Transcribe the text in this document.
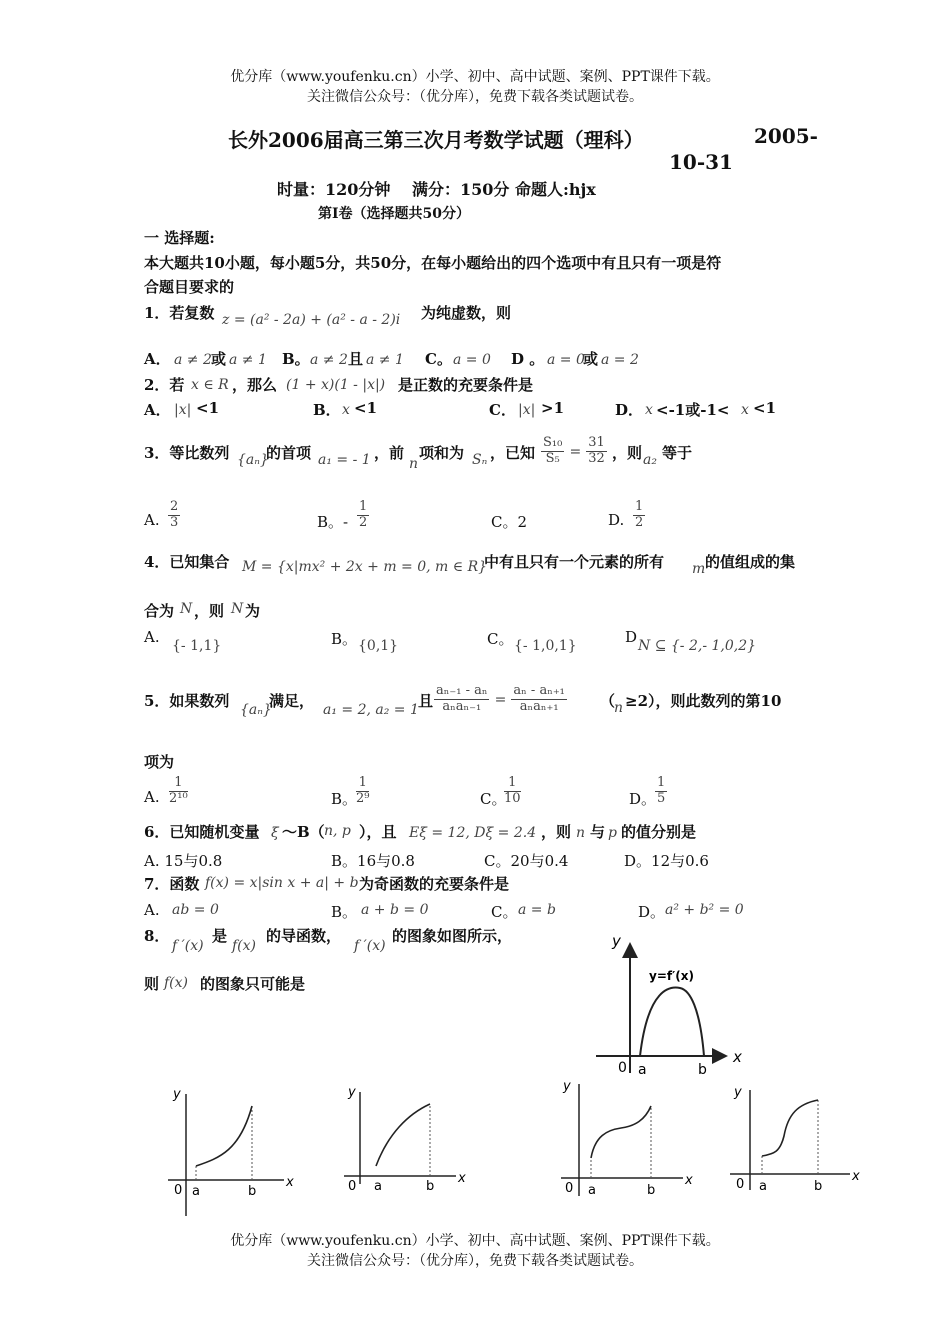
优分库（www.youfenku.cn）小学、初中、高中试题、案例、PPT课件下载。
关注微信公众号：（优分库），免费下载各类试题试卷。
长外2006届高三第三次月考数学试题（理科）	2005-
10-31
时量：120分钟　 满分：150分 命题人:hjx
第Ⅰ卷（选择题共50分）
一 选择题:
本大题共10小题，每小题5分，共50分，在每小题给出的四个选项中有且只有一项是符
合题目要求的
1．若复数 z = (a² - 2a) + (a² - a - 2)i 为纯虚数，则
A． a ≠ 2 或 a ≠ 1 B。 a ≠ 2 且 a ≠ 1 C。 a = 0 D 。 a = 0
或 a = 2
2．若 x ∈ R ，那么 (1 + x)(1 - |x|) 是正数的充要条件是
A． |x| <1	B． x <1	C． |x| >1	D． x <-1或-1< x <1
3．等比数列 {aₙ}
的首项 a₁ = - 1 ，前
n
项和为 Sₙ ，已知 $\frac{\text{S₁₀}}{\text{S₅}} = \frac{31}{32}$ ，则 a₂ 等于
A. $\frac{2}{3}$	B。- $\frac{1}{2}$	C。2	D. $\frac{1}{2}$
4．已知集合 M = {x|mx² + 2x + m = 0, m ∈ R}
中有且只有一个元素的所有 m 的值组成的集
合为 N ，则 N 为
A. {- 1,1}	B。 {0,1}	C。 {- 1,0,1}	D N ⊆ {- 2,- 1,0,2}
5．如果数列 {aₙ}
满足， a₁ = 2, a₂ = 1 且 $\frac{\text{aₙ₋₁ - aₙ}}{\text{aₙaₙ₋₁}} = \frac{\text{aₙ - aₙ₊₁}}{\text{aₙaₙ₊₁}}$ （
n ≥2），则此数列的第10
项为
A. $\frac{1}{\text{2¹⁰}}$	B。
$\frac{1}{\text{2⁹}}$	C。
$\frac{1}{10}$	D。
$\frac{1}{5}$
6．已知随机变量 ξ ～B（ n, p ），且 Eξ = 12, Dξ = 2.4 ，则 n 与 p 的值分别是
A. 15与0.8	B。16与0.8	C。20与0.4	D。12与0.6
7．函数 f(x) = x|sin x + a| + b 为奇函数的充要条件是
A. ab = 0	B。 a + b = 0	C。 a = b	D。 a² + b² = 0
8．
f ′(x)
是
f(x)
的导函数，
f ′(x)
的图象如图所示，
则 f(x) 的图象只可能是
y
x
0 a	b
y=f′(x)
y
x
0 a	b
y
x
0 a	b
y
x
0 a	b
y
x
0 a	b
优分库（www.youfenku.cn）小学、初中、高中试题、案例、PPT课件下载。
关注微信公众号：（优分库），免费下载各类试题试卷。
